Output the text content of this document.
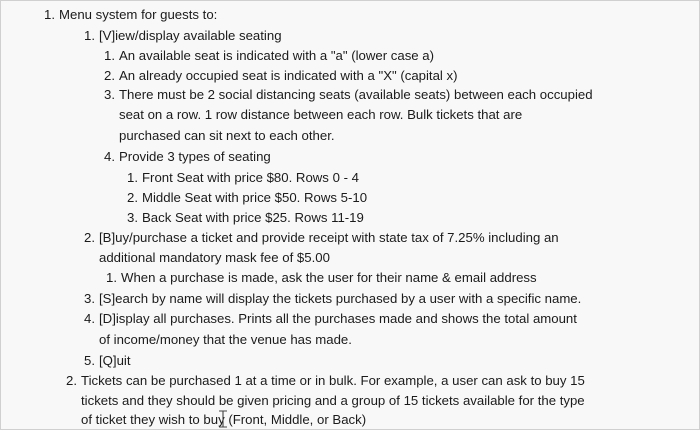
1. Menu system for guests to:
1. [V]iew/display available seating
1. An available seat is indicated with a "a" (lower case a)
2. An already occupied seat is indicated with a "X" (capital x)
3. There must be 2 social distancing seats (available seats) between each occupied
seat on a row. 1 row distance between each row. Bulk tickets that are
purchased can sit next to each other.
4. Provide 3 types of seating
1. Front Seat with price $80. Rows 0 - 4
2. Middle Seat with price $50. Rows 5-10
3. Back Seat with price $25. Rows 11-19
2. [B]uy/purchase a ticket and provide receipt with state tax of 7.25% including an
additional mandatory mask fee of $5.00
1. When a purchase is made, ask the user for their name & email address
3. [S]earch by name will display the tickets purchased by a user with a specific name.
4. [D]isplay all purchases. Prints all the purchases made and shows the total amount
of income/money that the venue has made.
5. [Q]uit
2. Tickets can be purchased 1 at a time or in bulk. For example, a user can ask to buy 15
tickets and they should be given pricing and a group of 15 tickets available for the type
of ticket they wish to buy (Front, Middle, or Back)
